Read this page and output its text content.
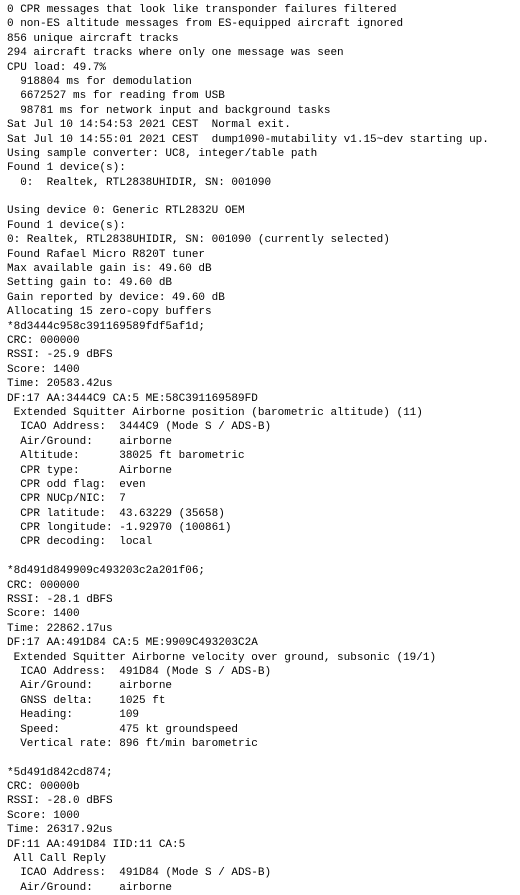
0 CPR messages that look like transponder failures filtered
0 non-ES altitude messages from ES-equipped aircraft ignored
856 unique aircraft tracks
294 aircraft tracks where only one message was seen
CPU load: 49.7%
918804 ms for demodulation
6672527 ms for reading from USB
98781 ms for network input and background tasks
Sat Jul 10 14:54:53 2021 CEST  Normal exit.
Sat Jul 10 14:55:01 2021 CEST  dump1090-mutability v1.15~dev starting up.
Using sample converter: UC8, integer/table path
Found 1 device(s):
0:  Realtek, RTL2838UHIDIR, SN: 001090
Using device 0: Generic RTL2832U OEM
Found 1 device(s):
0: Realtek, RTL2838UHIDIR, SN: 001090 (currently selected)
Found Rafael Micro R820T tuner
Max available gain is: 49.60 dB
Setting gain to: 49.60 dB
Gain reported by device: 49.60 dB
Allocating 15 zero-copy buffers
*8d3444c958c391169589fdf5af1d;
CRC: 000000
RSSI: -25.9 dBFS
Score: 1400
Time: 20583.42us
DF:17 AA:3444C9 CA:5 ME:58C391169589FD
Extended Squitter Airborne position (barometric altitude) (11)
ICAO Address:  3444C9 (Mode S / ADS-B)
Air/Ground:    airborne
Altitude:      38025 ft barometric
CPR type:      Airborne
CPR odd flag:  even
CPR NUCp/NIC:  7
CPR latitude:  43.63229 (35658)
CPR longitude: -1.92970 (100861)
CPR decoding:  local
*8d491d849909c493203c2a201f06;
CRC: 000000
RSSI: -28.1 dBFS
Score: 1400
Time: 22862.17us
DF:17 AA:491D84 CA:5 ME:9909C493203C2A
Extended Squitter Airborne velocity over ground, subsonic (19/1)
ICAO Address:  491D84 (Mode S / ADS-B)
Air/Ground:    airborne
GNSS delta:    1025 ft
Heading:       109
Speed:         475 kt groundspeed
Vertical rate: 896 ft/min barometric
*5d491d842cd874;
CRC: 00000b
RSSI: -28.0 dBFS
Score: 1000
Time: 26317.92us
DF:11 AA:491D84 IID:11 CA:5
All Call Reply
ICAO Address:  491D84 (Mode S / ADS-B)
Air/Ground:    airborne
